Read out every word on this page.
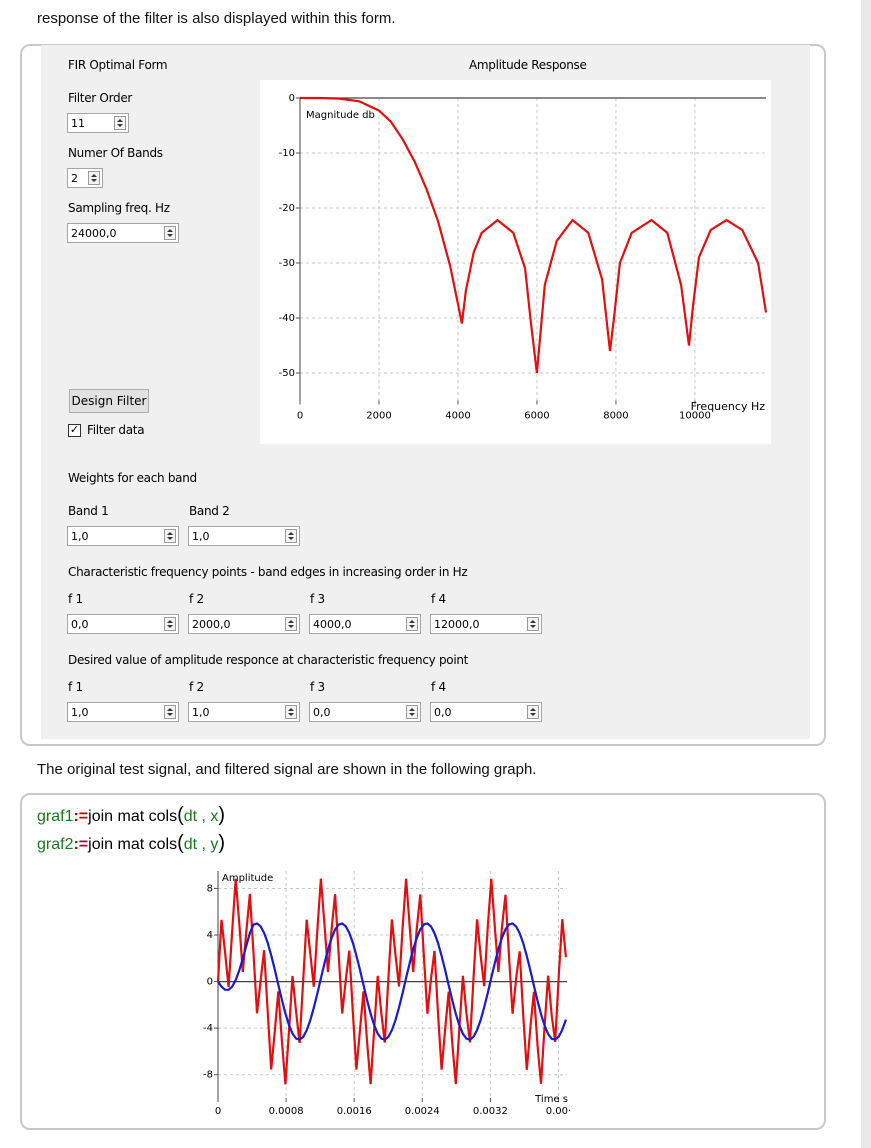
response of the filter is also displayed within this form.
FIR Optimal Form
Filter Order
11
Numer Of Bands
2
Sampling freq. Hz
24000,0
Design Filter
✓ Filter data
Amplitude Response
0	2000	4000	6000	8000	10000
0
-10
-20
-30
-40
-50
Magnitude db
Frequency Hz
Weights for each band
Band 1
1,0
Band 2
1,0
Characteristic frequency points - band edges in increasing order in Hz
f 1
0,0
f 2
2000,0
f 3
4000,0
f 4
12000,0
Desired value of amplitude responce at characteristic frequency point
f 1
1,0
f 2
1,0
f 3
0,0
f 4
0,0
The original test signal, and filtered signal are shown in the following graph.
graf1:=join mat cols(dt , x)
graf2:=join mat cols(dt , y)
0	0.0008	0.0016	0.0024	0.0032	0.00·
8
4
0
-4
-8
Amplitude
Time s
